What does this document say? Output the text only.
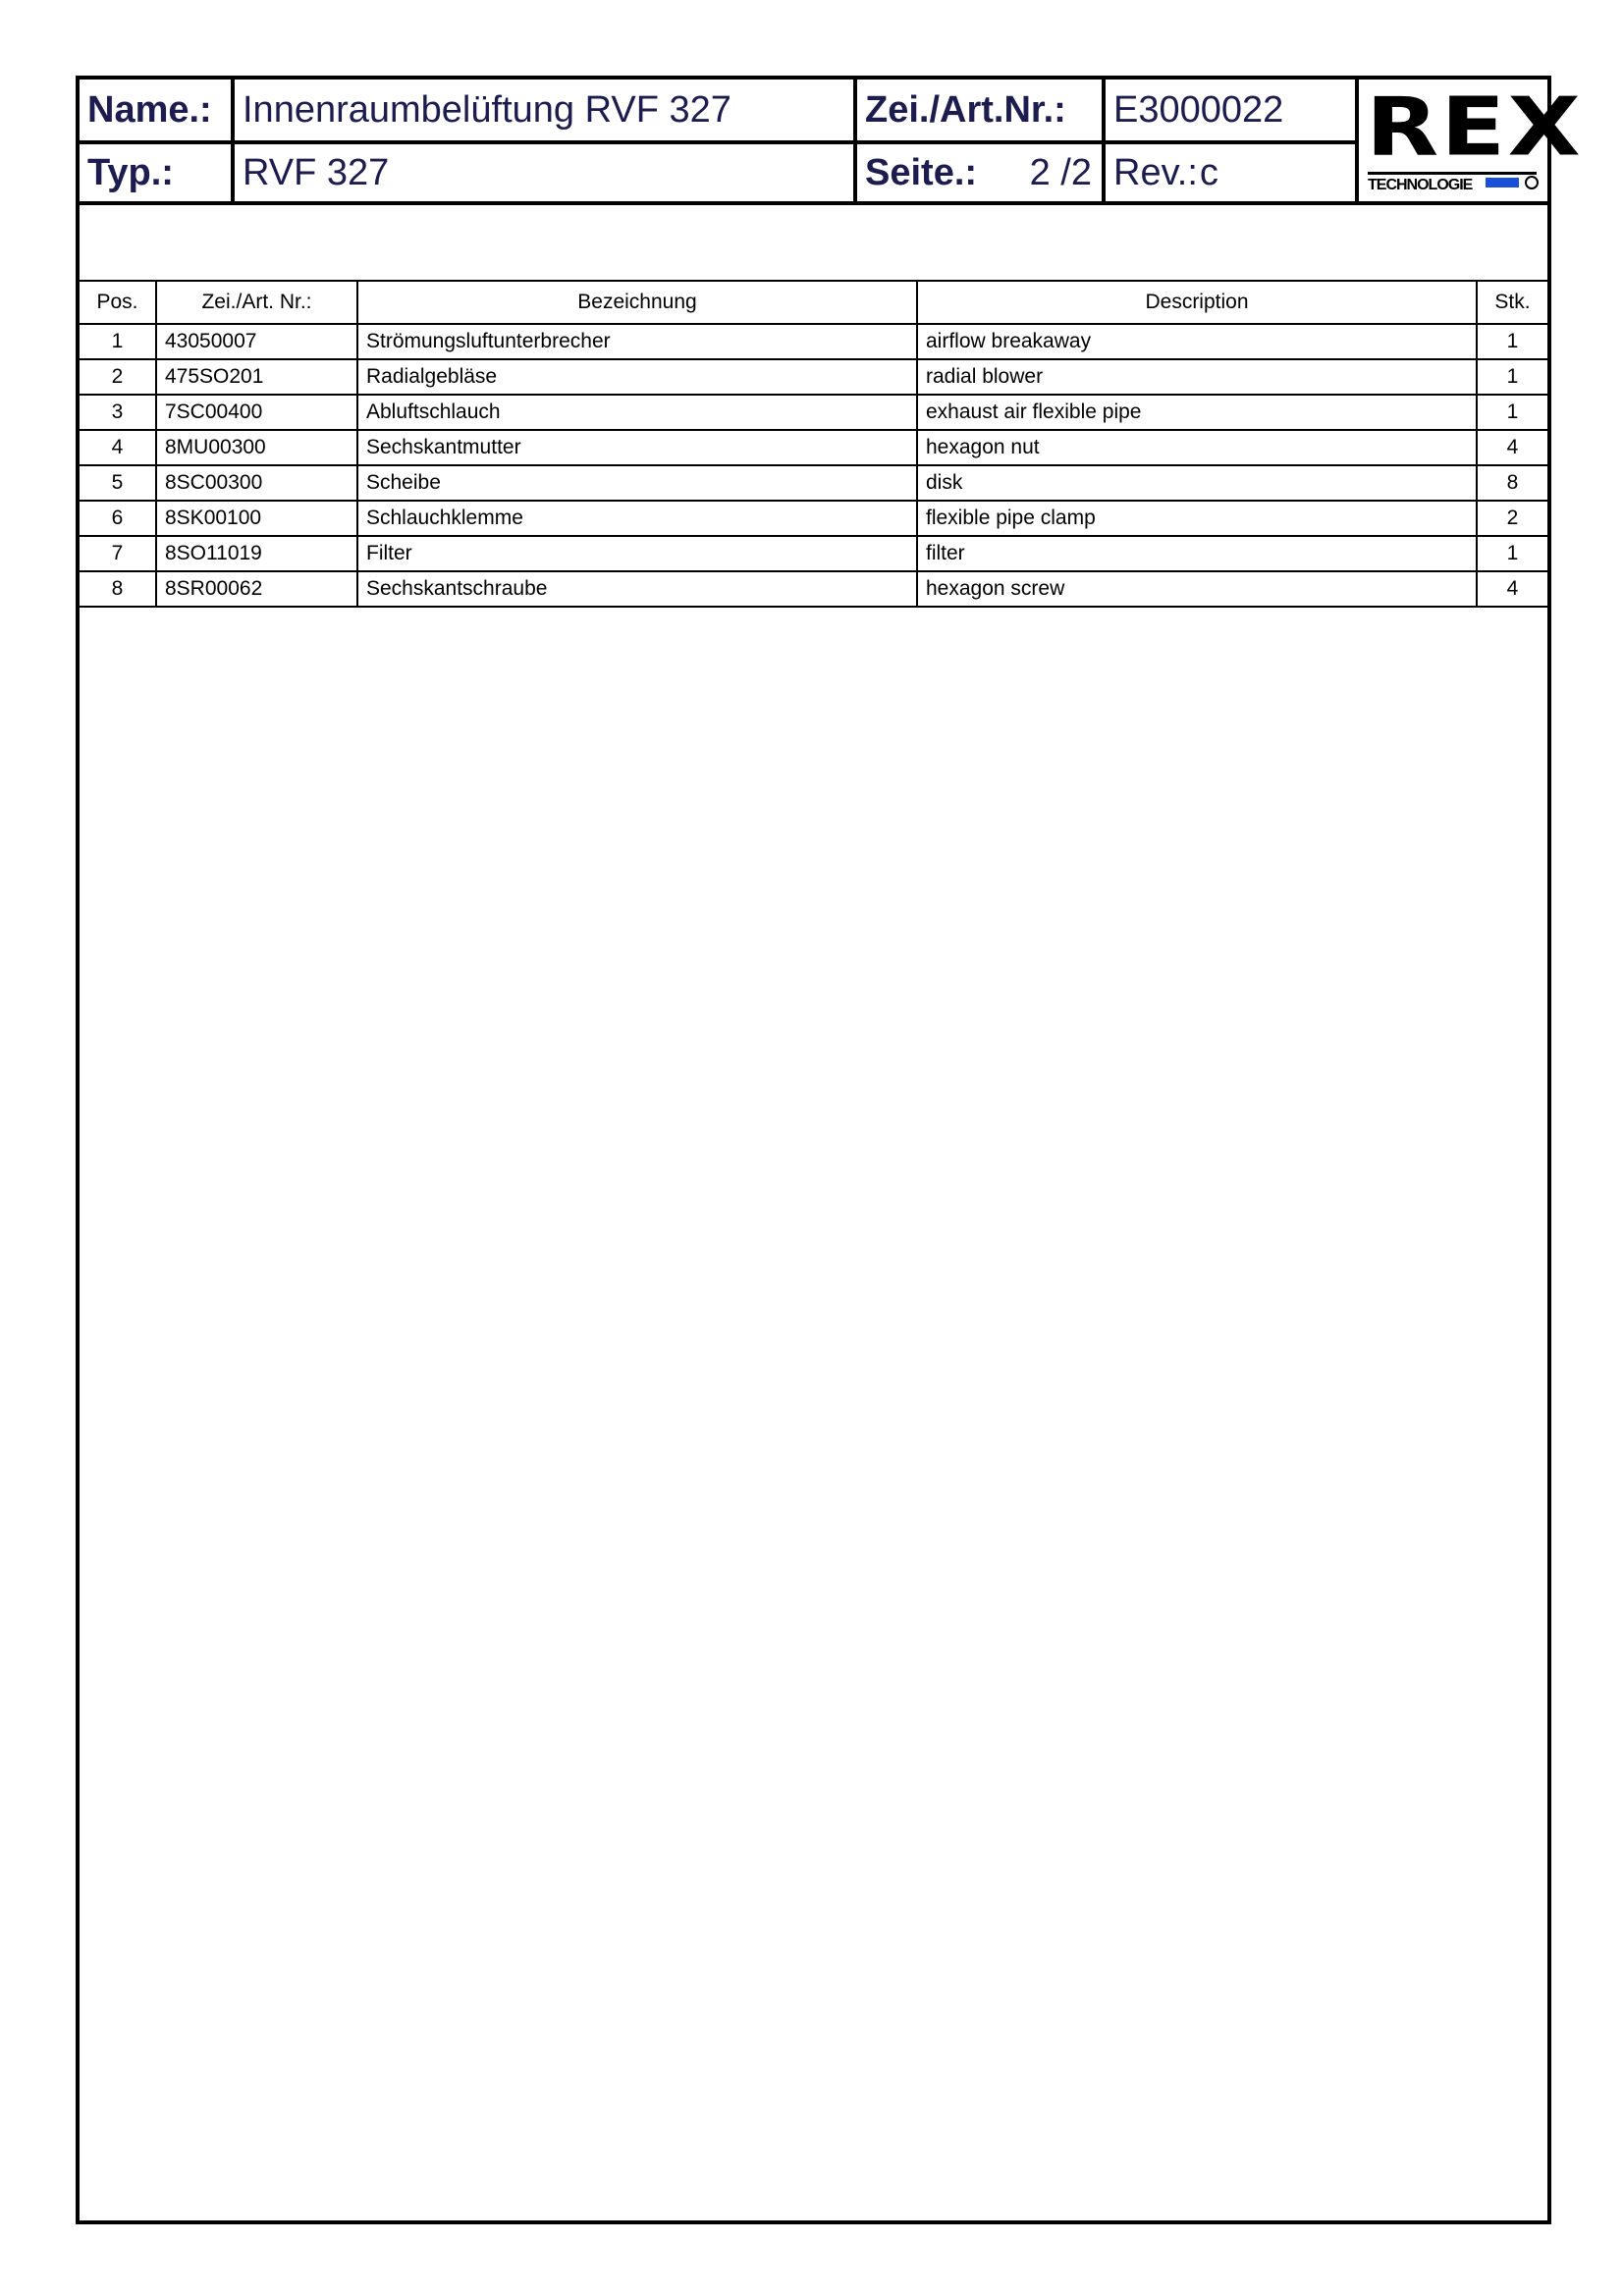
Name.: Innenraumbelüftung RVF 327	Zei./Art.Nr.: E3000022
Typ.: RVF 327	Seite.: 2 /2 Rev.: c REX
TECHNOLOGIE
Pos.	Zei./Art. Nr.:	Bezeichnung	Description	Stk.
1	43050007	Strömungsluftunterbrecher	airflow breakaway	1
2	475SO201	Radialgebläse	radial blower	1
3	7SC00400	Abluftschlauch	exhaust air flexible pipe	1
4	8MU00300	Sechskantmutter	hexagon nut	4
5	8SC00300	Scheibe	disk	8
6	8SK00100	Schlauchklemme	flexible pipe clamp	2
7	8SO11019	Filter	filter	1
8	8SR00062	Sechskantschraube	hexagon screw	4
